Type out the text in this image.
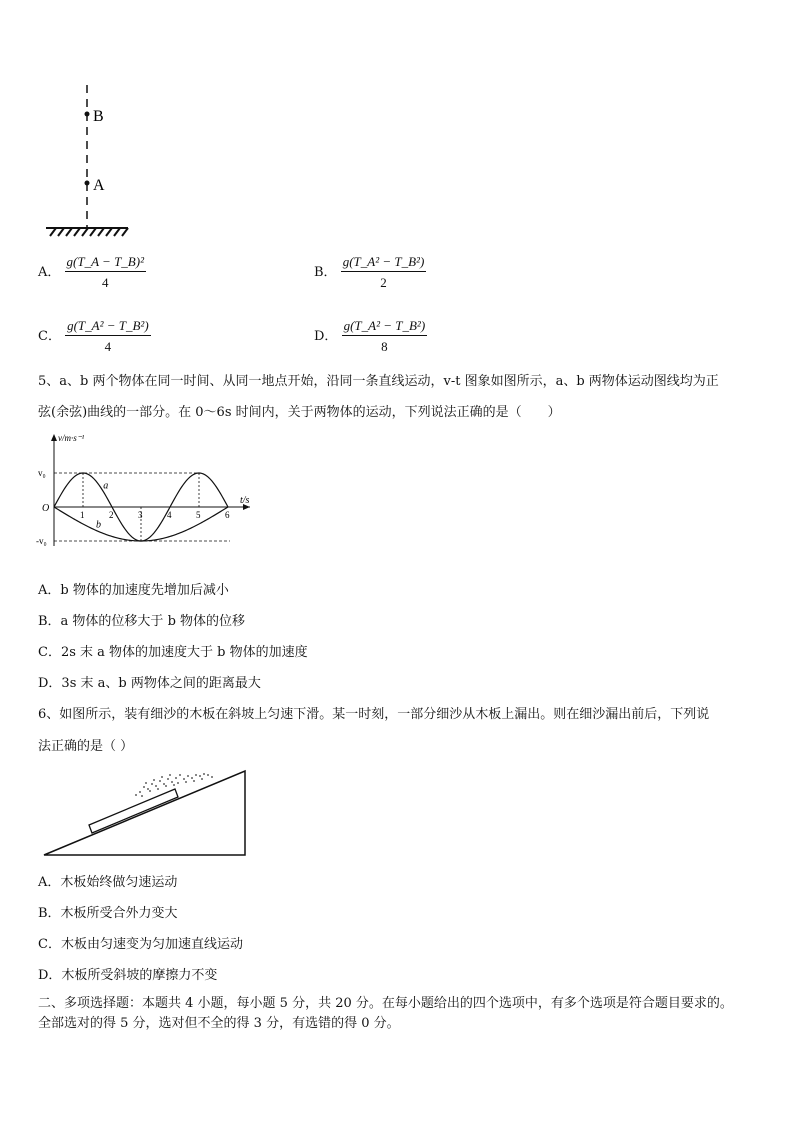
B
A
A． $\frac{\text{g(T\_A − T\_B)²}}{4}$	B． $\frac{\text{g(T\_A² − T\_B²)}}{2}$
C． $\frac{\text{g(T\_A² − T\_B²)}}{4}$	D． $\frac{\text{g(T\_A² − T\_B²)}}{8}$
5、a、b 两个物体在同一时间、从同一地点开始，沿同一条直线运动，v-t 图象如图所示，a、b 两物体运动图线均为正
弦(余弦)曲线的一部分。在 0～6s 时间内，关于两物体的运动，下列说法正确的是（　　）
v/m·s⁻¹
t/s
v₀
-v₀
O
1	2	3	4	5	6
a
b
A．b 物体的加速度先增加后减小
B．a 物体的位移大于 b 物体的位移
C．2s 末 a 物体的加速度大于 b 物体的加速度
D．3s 末 a、b 两物体之间的距离最大
6、如图所示，装有细沙的木板在斜坡上匀速下滑。某一时刻，一部分细沙从木板上漏出。则在细沙漏出前后，下列说
法正确的是（ ）
A．木板始终做匀速运动
B．木板所受合外力变大
C．木板由匀速变为匀加速直线运动
D．木板所受斜坡的摩擦力不变
二、多项选择题：本题共 4 小题，每小题 5 分，共 20 分。在每小题给出的四个选项中，有多个选项是符合题目要求的。
全部选对的得 5 分，选对但不全的得 3 分，有选错的得 0 分。
